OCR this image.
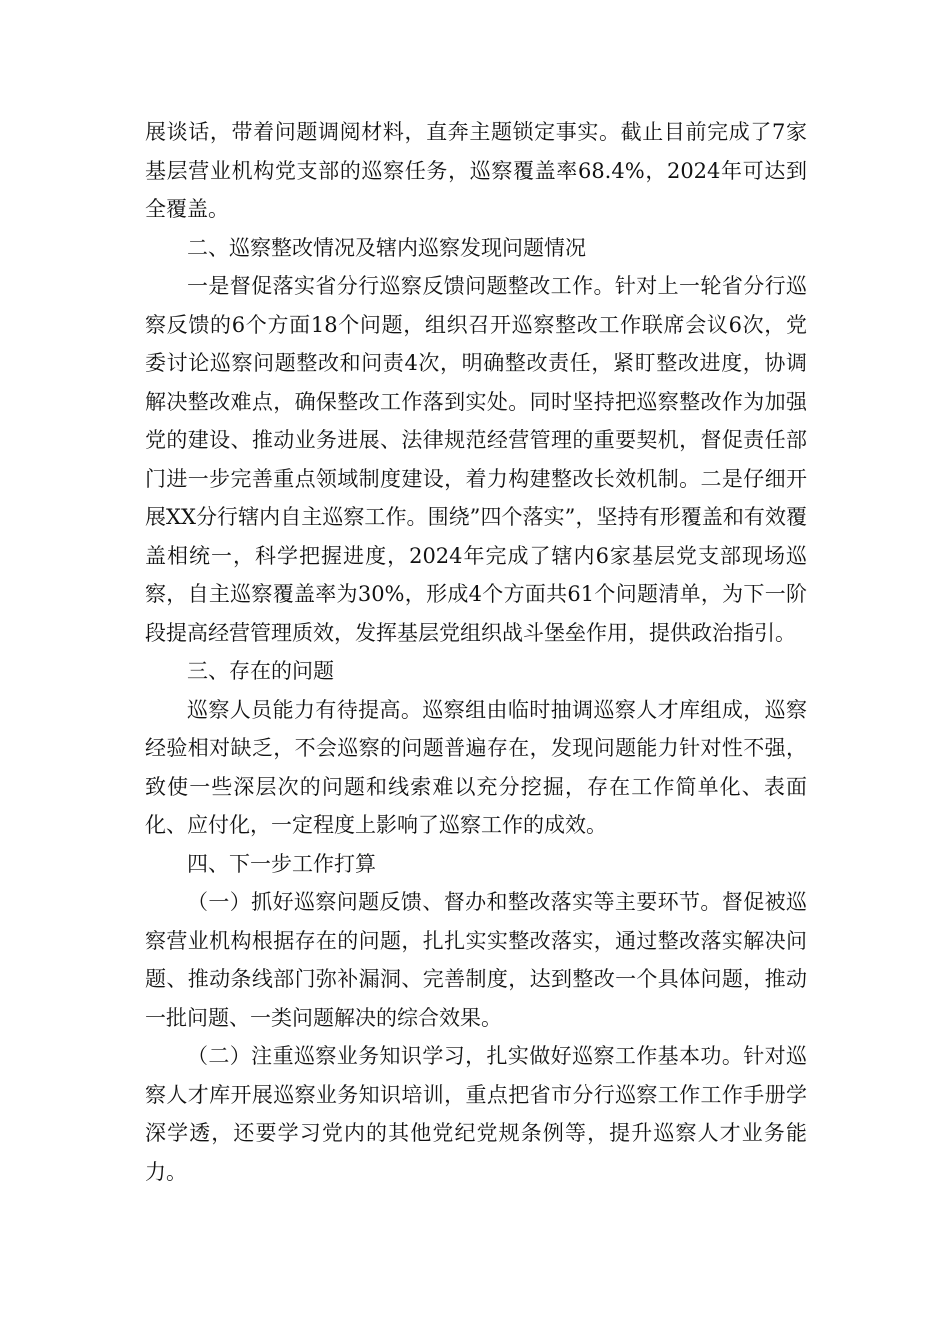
展谈话，带着问题调阅材料，直奔主题锁定事实。截止目前完成了7家基层营业机构党支部的巡察任务，巡察覆盖率68.4%，2024年可达到全覆盖。

二、巡察整改情况及辖内巡察发现问题情况

一是督促落实省分行巡察反馈问题整改工作。针对上一轮省分行巡察反馈的6个方面18个问题，组织召开巡察整改工作联席会议6次，党委讨论巡察问题整改和问责4次，明确整改责任，紧盯整改进度，协调解决整改难点，确保整改工作落到实处。同时坚持把巡察整改作为加强党的建设、推动业务进展、法律规范经营管理的重要契机，督促责任部门进一步完善重点领域制度建设，着力构建整改长效机制。二是仔细开展XX分行辖内自主巡察工作。围绕”四个落实”，坚持有形覆盖和有效覆盖相统一，科学把握进度，2024年完成了辖内6家基层党支部现场巡察，自主巡察覆盖率为30%，形成4个方面共61个问题清单，为下一阶段提高经营管理质效，发挥基层党组织战斗堡垒作用，提供政治指引。

三、存在的问题

巡察人员能力有待提高。巡察组由临时抽调巡察人才库组成，巡察经验相对缺乏，不会巡察的问题普遍存在，发现问题能力针对性不强，致使一些深层次的问题和线索难以充分挖掘，存在工作简单化、表面化、应付化，一定程度上影响了巡察工作的成效。

四、下一步工作打算

（一）抓好巡察问题反馈、督办和整改落实等主要环节。督促被巡察营业机构根据存在的问题，扎扎实实整改落实，通过整改落实解决问题、推动条线部门弥补漏洞、完善制度，达到整改一个具体问题，推动一批问题、一类问题解决的综合效果。

（二）注重巡察业务知识学习，扎实做好巡察工作基本功。针对巡察人才库开展巡察业务知识培训，重点把省市分行巡察工作工作手册学深学透，还要学习党内的其他党纪党规条例等，提升巡察人才业务能力。
